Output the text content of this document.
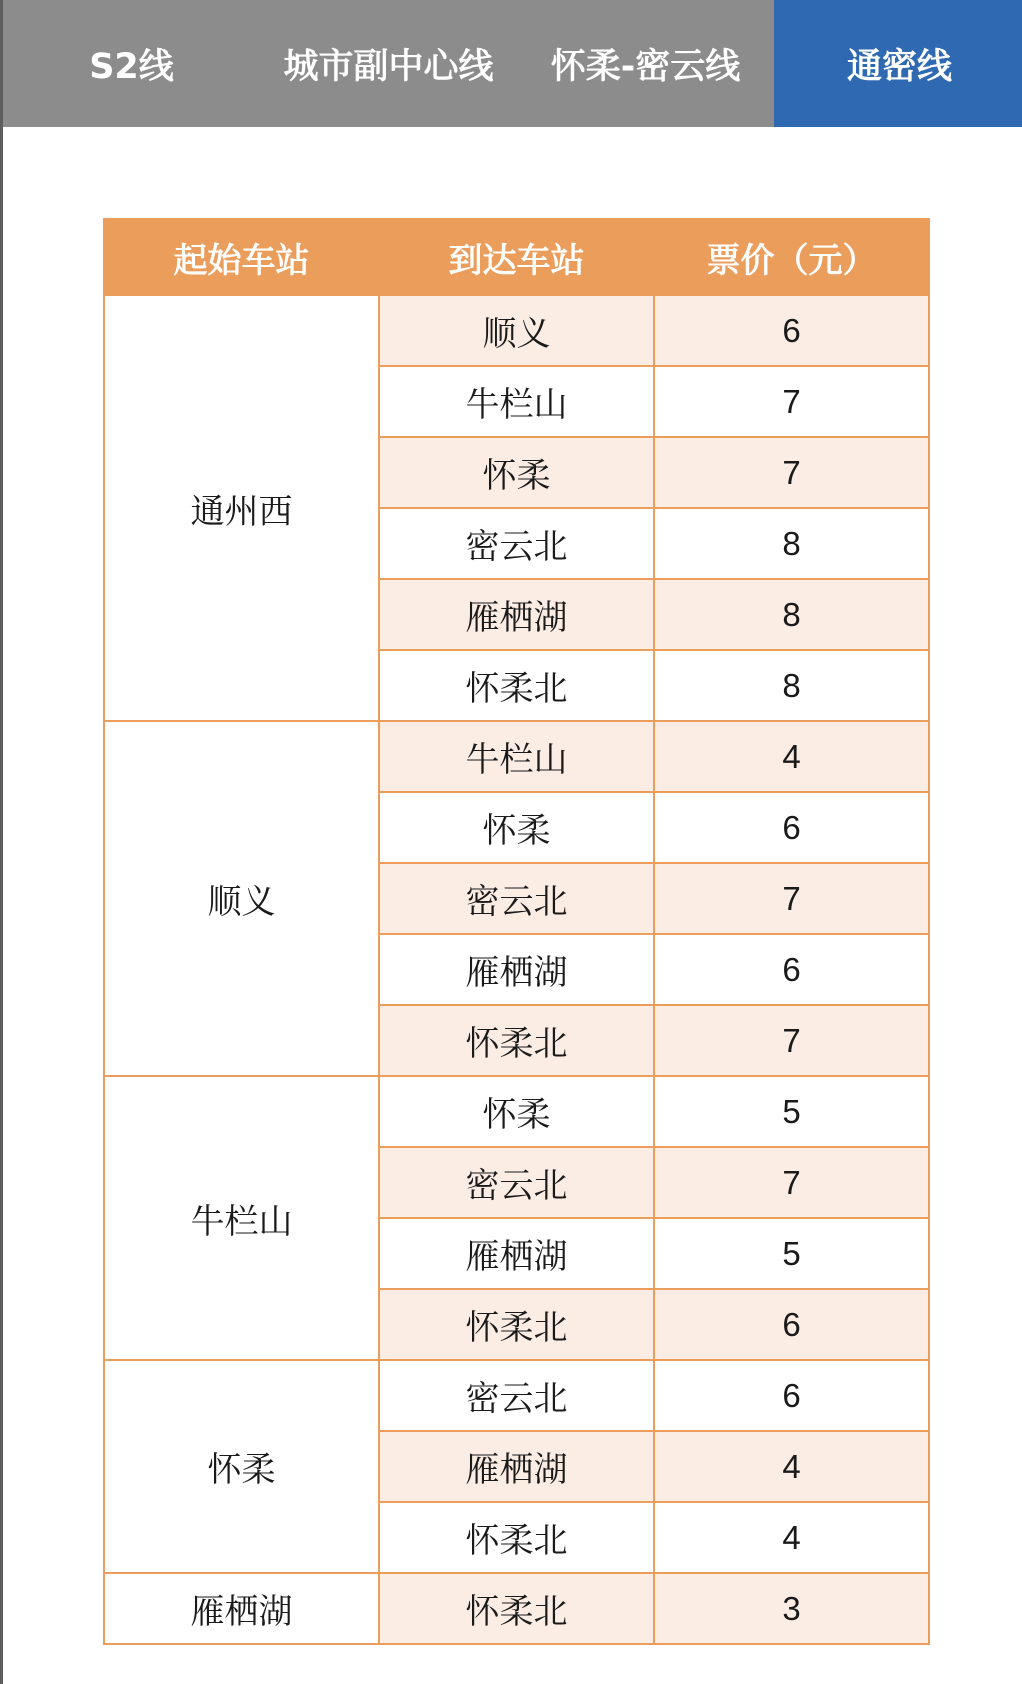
S2线	城市副中心线	怀柔-密云线	通密线
起始车站	到达车站	票价（元）
通州西	顺义	6
	牛栏山	7
	怀柔	7
	密云北	8
	雁栖湖	8
	怀柔北	8
顺义	牛栏山	4
	怀柔	6
	密云北	7
	雁栖湖	6
	怀柔北	7
牛栏山	怀柔	5
	密云北	7
	雁栖湖	5
	怀柔北	6
怀柔	密云北	6
	雁栖湖	4
	怀柔北	4
雁栖湖	怀柔北	3
